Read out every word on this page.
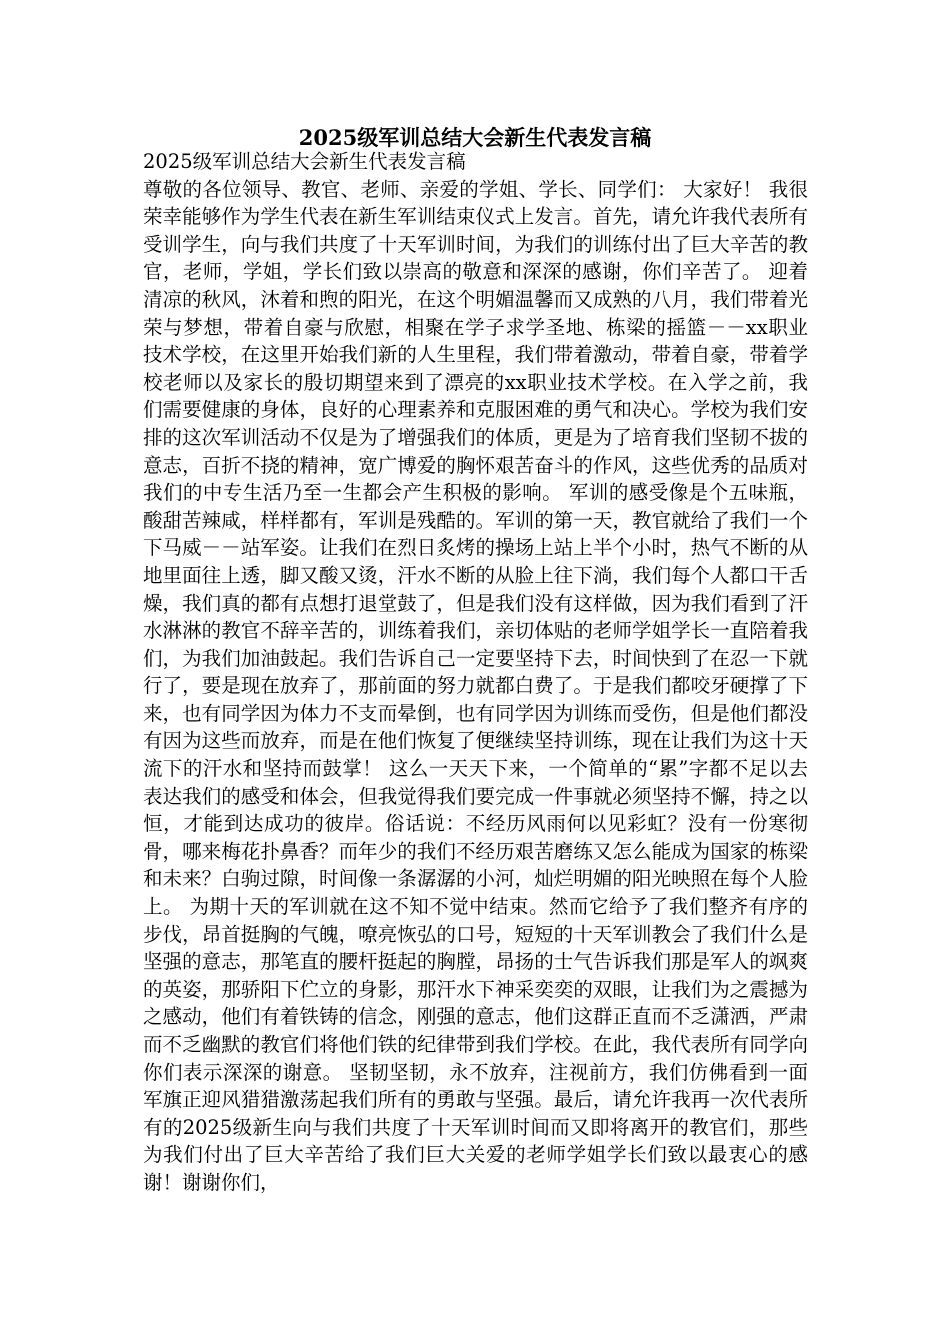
2025级军训总结大会新生代表发言稿

2025级军训总结大会新生代表发言稿

尊敬的各位领导、教官、老师、亲爱的学姐、学长、同学们： 大家好！ 我很荣幸能够作为学生代表在新生军训结束仪式上发言。首先，请允许我代表所有受训学生，向与我们共度了十天军训时间，为我们的训练付出了巨大辛苦的教官，老师，学姐，学长们致以崇高的敬意和深深的感谢，你们辛苦了。 迎着清凉的秋风，沐着和煦的阳光，在这个明媚温馨而又成熟的八月，我们带着光荣与梦想，带着自豪与欣慰，相聚在学子求学圣地、栋梁的摇篮－－xx职业技术学校，在这里开始我们新的人生里程，我们带着激动，带着自豪，带着学校老师以及家长的殷切期望来到了漂亮的xx职业技术学校。在入学之前，我们需要健康的身体，良好的心理素养和克服困难的勇气和决心。学校为我们安排的这次军训活动不仅是为了增强我们的体质，更是为了培育我们坚韧不拔的意志，百折不挠的精神，宽广博爱的胸怀艰苦奋斗的作风，这些优秀的品质对我们的中专生活乃至一生都会产生积极的影响。 军训的感受像是个五味瓶，酸甜苦辣咸，样样都有，军训是残酷的。军训的第一天，教官就给了我们一个下马威－－站军姿。让我们在烈日炙烤的操场上站上半个小时，热气不断的从地里面往上透，脚又酸又烫，汗水不断的从脸上往下淌，我们每个人都口干舌燥，我们真的都有点想打退堂鼓了，但是我们没有这样做，因为我们看到了汗水淋淋的教官不辞辛苦的，训练着我们，亲切体贴的老师学姐学长一直陪着我们，为我们加油鼓起。我们告诉自己一定要坚持下去，时间快到了在忍一下就行了，要是现在放弃了，那前面的努力就都白费了。于是我们都咬牙硬撑了下来，也有同学因为体力不支而晕倒，也有同学因为训练而受伤，但是他们都没有因为这些而放弃，而是在他们恢复了便继续坚持训练，现在让我们为这十天流下的汗水和坚持而鼓掌！ 这么一天天下来，一个简单的“累”字都不足以去表达我们的感受和体会，但我觉得我们要完成一件事就必须坚持不懈，持之以恒，才能到达成功的彼岸。俗话说：不经历风雨何以见彩虹？没有一份寒彻骨，哪来梅花扑鼻香？而年少的我们不经历艰苦磨练又怎么能成为国家的栋梁和未来？白驹过隙，时间像一条潺潺的小河，灿烂明媚的阳光映照在每个人脸上。 为期十天的军训就在这不知不觉中结束。然而它给予了我们整齐有序的步伐，昂首挺胸的气魄，嘹亮恢弘的口号，短短的十天军训教会了我们什么是坚强的意志，那笔直的腰杆挺起的胸膛，昂扬的士气告诉我们那是军人的飒爽的英姿，那骄阳下伫立的身影，那汗水下神采奕奕的双眼，让我们为之震撼为之感动，他们有着铁铸的信念，刚强的意志，他们这群正直而不乏潇洒，严肃而不乏幽默的教官们将他们铁的纪律带到我们学校。在此，我代表所有同学向你们表示深深的谢意。 坚韧坚韧，永不放弃，注视前方，我们仿佛看到一面军旗正迎风猎猎激荡起我们所有的勇敢与坚强。最后，请允许我再一次代表所有的2025级新生向与我们共度了十天军训时间而又即将离开的教官们，那些为我们付出了巨大辛苦给了我们巨大关爱的老师学姐学长们致以最衷心的感谢！谢谢你们，
